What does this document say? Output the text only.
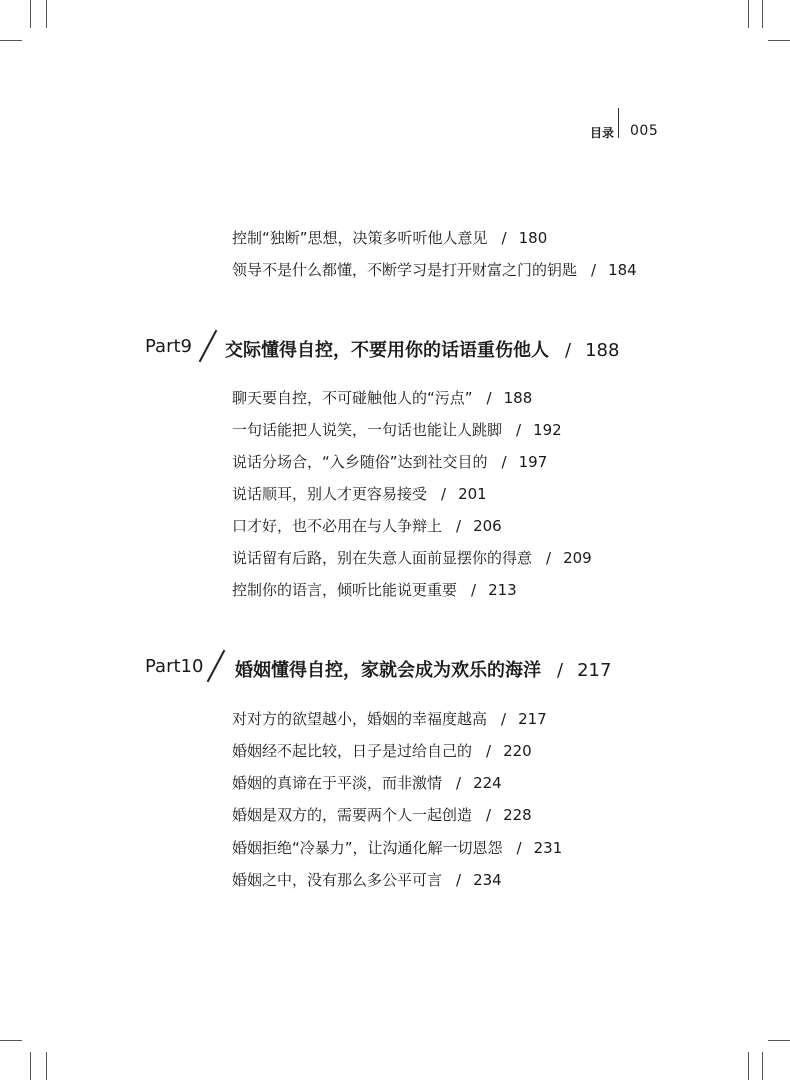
目录 005
控制“独断”思想，决策多听听他人意见 / 180
领导不是什么都懂，不断学习是打开财富之门的钥匙 / 184
Part9 交际懂得自控，不要用你的话语重伤他人 / 188
聊天要自控，不可碰触他人的“污点” / 188
一句话能把人说笑，一句话也能让人跳脚 / 192
说话分场合，“入乡随俗”达到社交目的 / 197
说话顺耳，别人才更容易接受 / 201
口才好，也不必用在与人争辩上 / 206
说话留有后路，别在失意人面前显摆你的得意 / 209
控制你的语言，倾听比能说更重要 / 213
Part10 婚姻懂得自控，家就会成为欢乐的海洋 / 217
对对方的欲望越小，婚姻的幸福度越高 / 217
婚姻经不起比较，日子是过给自己的 / 220
婚姻的真谛在于平淡，而非激情 / 224
婚姻是双方的，需要两个人一起创造 / 228
婚姻拒绝“冷暴力”，让沟通化解一切恩怨 / 231
婚姻之中，没有那么多公平可言 / 234
